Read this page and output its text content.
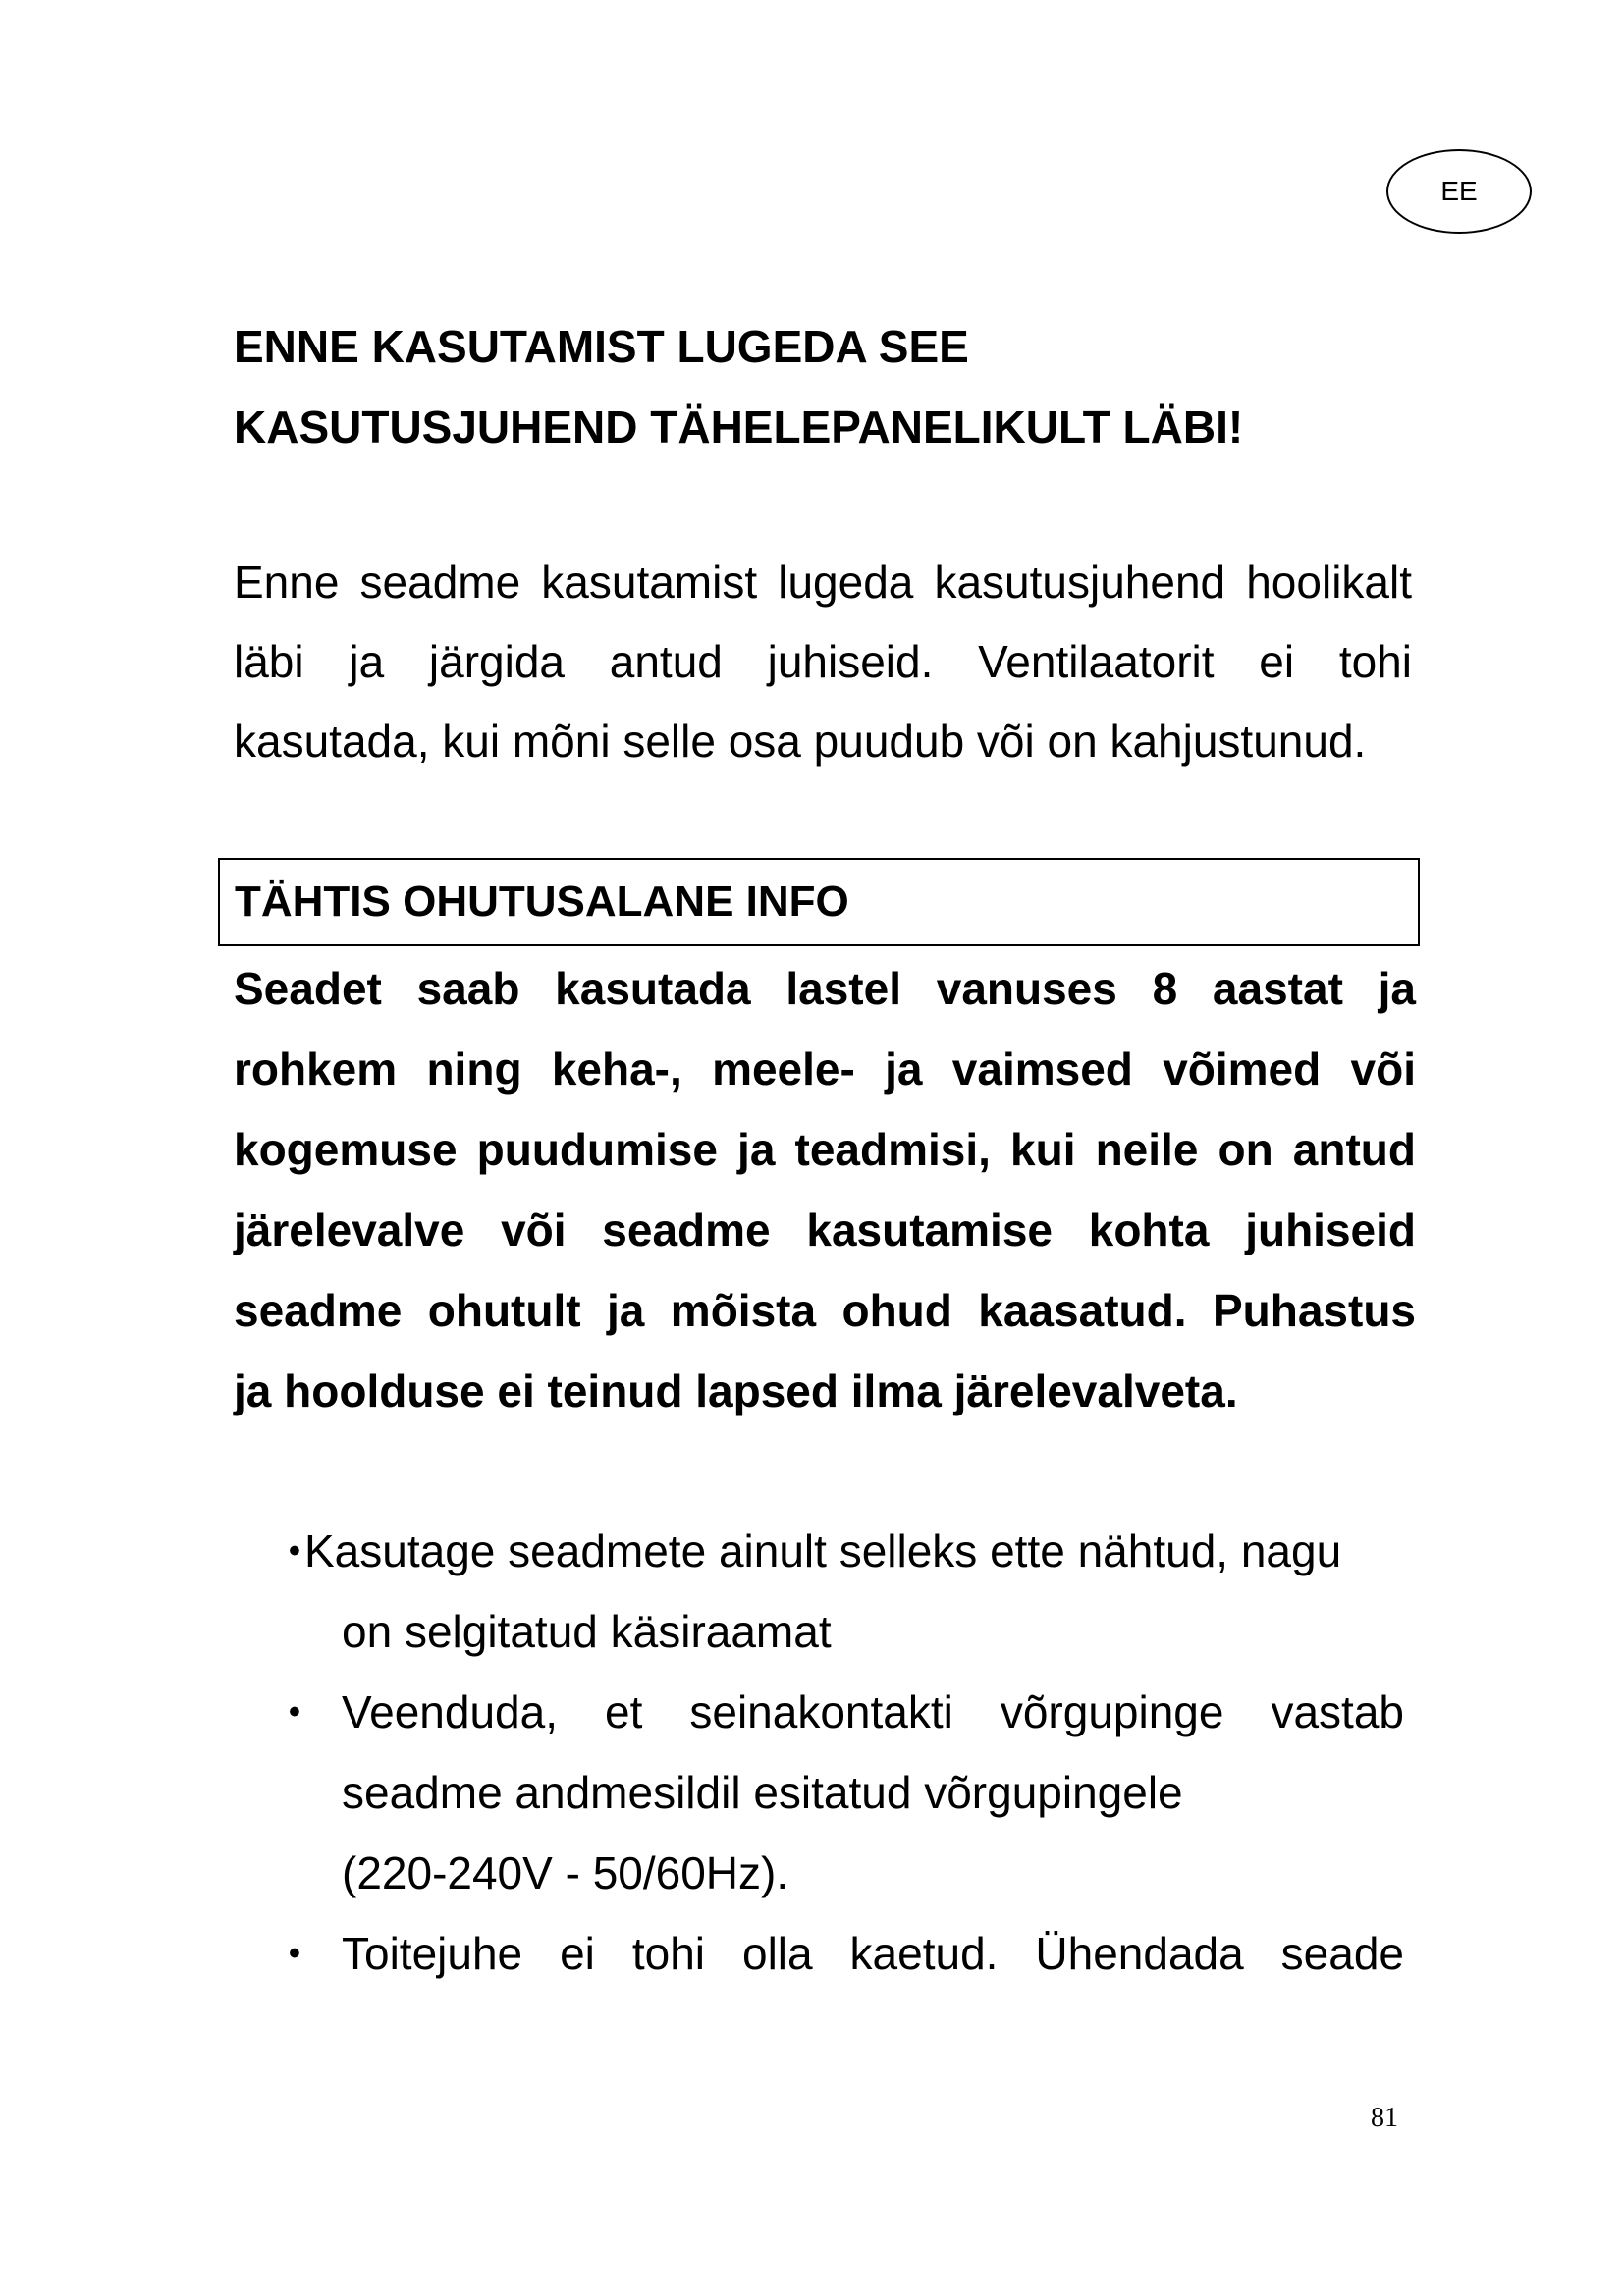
EE
ENNE KASUTAMIST LUGEDA SEE
KASUTUSJUHEND TÄHELEPANELIKULT LÄBI!

Enne seadme kasutamist lugeda kasutusjuhend hoolikalt
läbi ja järgida antud juhiseid. Ventilaatorit ei tohi
kasutada, kui mõni selle osa puudub või on kahjustunud.

TÄHTIS OHUTUSALANE INFO

Seadet saab kasutada lastel vanuses 8 aastat ja
rohkem ning keha-, meele- ja vaimsed võimed või
kogemuse puudumise ja teadmisi, kui neile on antud
järelevalve või seadme kasutamise kohta juhiseid
seadme ohutult ja mõista ohud kaasatud. Puhastus
ja hoolduse ei teinud lapsed ilma järelevalveta.

• Kasutage seadmete ainult selleks ette nähtud, nagu
on selgitatud käsiraamat
• Veenduda, et seinakontakti võrgupinge vastab
seadme andmesildil esitatud võrgupingele
(220-240V - 50/60Hz).
• Toitejuhe ei tohi olla kaetud. Ühendada seade
81
